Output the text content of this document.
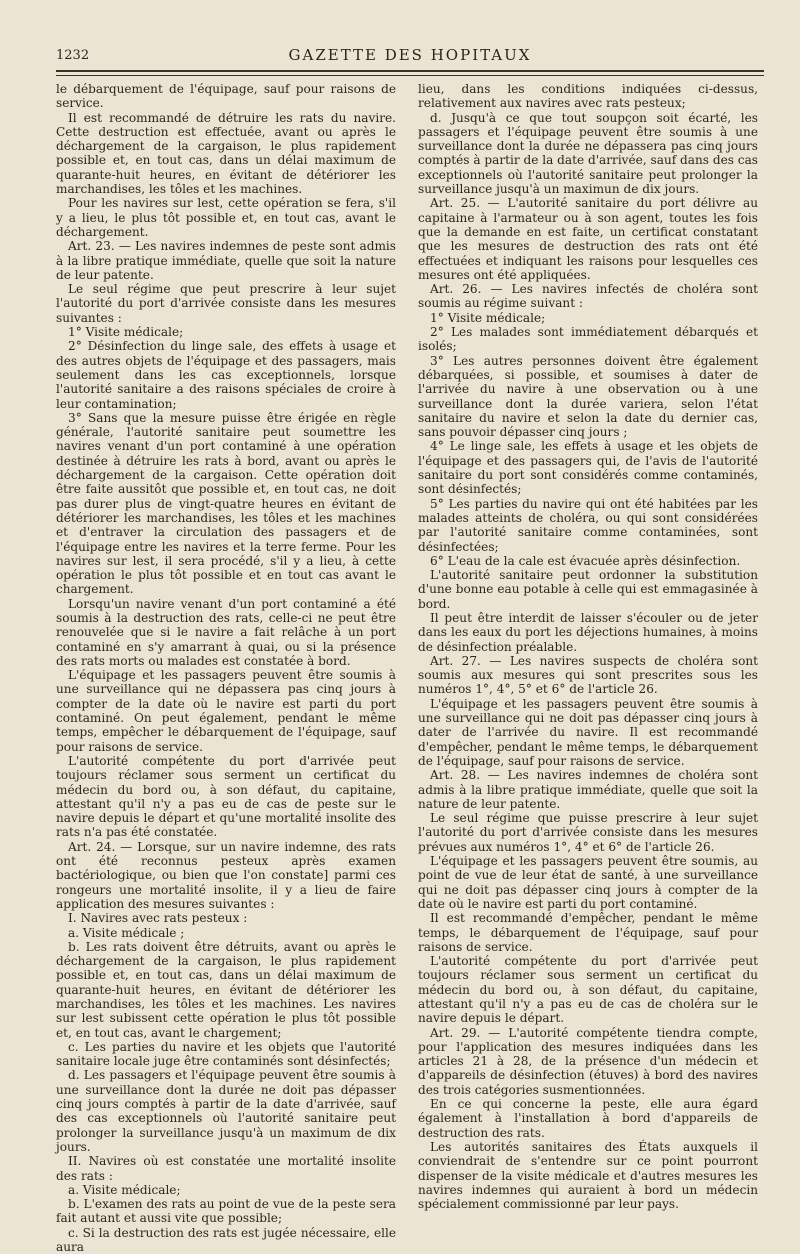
1232	GAZETTE DES HOPITAUX

le débarquement de l'équipage, sauf pour raisons de service.

Il est recommandé de détruire les rats du navire. Cette destruction est effectuée, avant ou après le déchargement de la cargaison, le plus rapidement possible et, en tout cas, dans un délai maximum de quarante-huit heures, en évitant de détériorer les marchandises, les tôles et les machines.

Pour les navires sur lest, cette opération se fera, s'il y a lieu, le plus tôt possible et, en tout cas, avant le déchargement.

Art. 23. — Les navires indemnes de peste sont admis à la libre pratique immédiate, quelle que soit la nature de leur patente.

Le seul régime que peut prescrire à leur sujet l'autorité du port d'arrivée consiste dans les mesures suivantes :

1° Visite médicale;

2° Désinfection du linge sale, des effets à usage et des autres objets de l'équipage et des passagers, mais seulement dans les cas exceptionnels, lorsque l'autorité sanitaire a des raisons spéciales de croire à leur contamination;

3° Sans que la mesure puisse être érigée en règle générale, l'autorité sanitaire peut soumettre les navires venant d'un port contaminé à une opération destinée à détruire les rats à bord, avant ou après le déchargement de la cargaison. Cette opération doit être faite aussitôt que possible et, en tout cas, ne doit pas durer plus de vingt-quatre heures en évitant de détériorer les marchandises, les tôles et les machines et d'entraver la circulation des passagers et de l'équipage entre les navires et la terre ferme. Pour les navires sur lest, il sera procédé, s'il y a lieu, à cette opération le plus tôt possible et en tout cas avant le chargement.

Lorsqu'un navire venant d'un port contaminé a été soumis à la destruction des rats, celle-ci ne peut être renouvelée que si le navire a fait relâche à un port contaminé en s'y amarrant à quai, ou si la présence des rats morts ou malades est constatée à bord.

L'équipage et les passagers peuvent être soumis à une surveillance qui ne dépassera pas cinq jours à compter de la date où le navire est parti du port contaminé. On peut également, pendant le même temps, empêcher le débarquement de l'équipage, sauf pour raisons de service.

L'autorité compétente du port d'arrivée peut toujours réclamer sous serment un certificat du médecin du bord ou, à son défaut, du capitaine, attestant qu'il n'y a pas eu de cas de peste sur le navire depuis le départ et qu'une mortalité insolite des rats n'a pas été constatée.

Art. 24. — Lorsque, sur un navire indemne, des rats ont été reconnus pesteux après examen bactériologique, ou bien que l'on constate] parmi ces rongeurs une mortalité insolite, il y a lieu de faire application des mesures suivantes :

I. Navires avec rats pesteux :

a. Visite médicale ;

b. Les rats doivent être détruits, avant ou après le déchargement de la cargaison, le plus rapidement possible et, en tout cas, dans un délai maximum de quarante-huit heures, en évitant de détériorer les marchandises, les tôles et les machines. Les navires sur lest subissent cette opération le plus tôt possible et, en tout cas, avant le chargement;

c. Les parties du navire et les objets que l'autorité sanitaire locale juge être contaminés sont désinfectés;

d. Les passagers et l'équipage peuvent être soumis à une surveillance dont la durée ne doit pas dépasser cinq jours comptés à partir de la date d'arrivée, sauf des cas exceptionnels où l'autorité sanitaire peut prolonger la surveillance jusqu'à un maximum de dix jours.

II. Navires où est constatée une mortalité insolite des rats :

a. Visite médicale;

b. L'examen des rats au point de vue de la peste sera fait autant et aussi vite que possible;

c. Si la destruction des rats est jugée nécessaire, elle aura

lieu, dans les conditions indiquées ci-dessus, relativement aux navires avec rats pesteux;

d. Jusqu'à ce que tout soupçon soit écarté, les passagers et l'équipage peuvent être soumis à une surveillance dont la durée ne dépassera pas cinq jours comptés à partir de la date d'arrivée, sauf dans des cas exceptionnels où l'autorité sanitaire peut prolonger la surveillance jusqu'à un maximun de dix jours.

Art. 25. — L'autorité sanitaire du port délivre au capitaine à l'armateur ou à son agent, toutes les fois que la demande en est faite, un certificat constatant que les mesures de destruction des rats ont été effectuées et indiquant les raisons pour lesquelles ces mesures ont été appliquées.

Art. 26. — Les navires infectés de choléra sont soumis au régime suivant :

1° Visite médicale;

2° Les malades sont immédiatement débarqués et isolés;

3° Les autres personnes doivent être également débarquées, si possible, et soumises à dater de l'arrivée du navire à une observation ou à une surveillance dont la durée variera, selon l'état sanitaire du navire et selon la date du dernier cas, sans pouvoir dépasser cinq jours ;

4° Le linge sale, les effets à usage et les objets de l'équipage et des passagers qui, de l'avis de l'autorité sanitaire du port sont considérés comme contaminés, sont désinfectés;

5° Les parties du navire qui ont été habitées par les malades atteints de choléra, ou qui sont considérées par l'autorité sanitaire comme contaminées, sont désinfectées;

6° L'eau de la cale est évacuée après désinfection.

L'autorité sanitaire peut ordonner la substitution d'une bonne eau potable à celle qui est emmagasinée à bord.

Il peut être interdit de laisser s'écouler ou de jeter dans les eaux du port les déjections humaines, à moins de désinfection préalable.

Art. 27. — Les navires suspects de choléra sont soumis aux mesures qui sont prescrites sous les numéros 1°, 4°, 5° et 6° de l'article 26.

L'équipage et les passagers peuvent être soumis à une surveillance qui ne doit pas dépasser cinq jours à dater de l'arrivée du navire. Il est recommandé d'empêcher, pendant le même temps, le débarquement de l'équipage, sauf pour raisons de service.

Art. 28. — Les navires indemnes de choléra sont admis à la libre pratique immédiate, quelle que soit la nature de leur patente.

Le seul régime que puisse prescrire à leur sujet l'autorité du port d'arrivée consiste dans les mesures prévues aux numéros 1°, 4° et 6° de l'article 26.

L'équipage et les passagers peuvent être soumis, au point de vue de leur état de santé, à une surveillance qui ne doit pas dépasser cinq jours à compter de la date où le navire est parti du port contaminé.

Il est recommandé d'empêcher, pendant le même temps, le débarquement de l'équipage, sauf pour raisons de service.

L'autorité compétente du port d'arrivée peut toujours réclamer sous serment un certificat du médecin du bord ou, à son défaut, du capitaine, attestant qu'il n'y a pas eu de cas de choléra sur le navire depuis le départ.

Art. 29. — L'autorité compétente tiendra compte, pour l'application des mesures indiquées dans les articles 21 à 28, de la présence d'un médecin et d'appareils de désinfection (étuves) à bord des navires des trois catégories susmentionnées.

En ce qui concerne la peste, elle aura égard également à l'installation à bord d'appareils de destruction des rats.

Les autorités sanitaires des États auxquels il conviendrait de s'entendre sur ce point pourront dispenser de la visite médicale et d'autres mesures les navires indemnes qui auraient à bord un médecin spécialement commissionné par leur pays.
